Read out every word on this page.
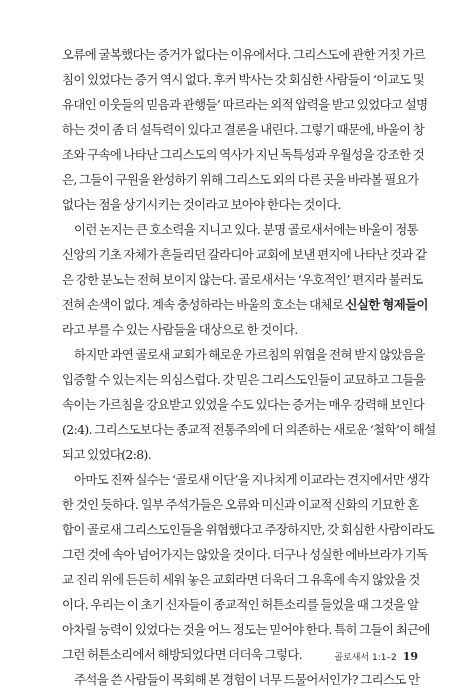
오류에 굴복했다는 증거가 없다는 이유에서다. 그리스도에 관한 거짓 가르
침이 있었다는 증거 역시 없다. 후커 박사는 갓 회심한 사람들이 ‘이교도 및
유대인 이웃들의 믿음과 관행들’ 따르라는 외적 압력을 받고 있었다고 설명
하는 것이 좀 더 설득력이 있다고 결론을 내린다. 그렇기 때문에, 바울이 창
조와 구속에 나타난 그리스도의 역사가 지닌 독특성과 우월성을 강조한 것
은, 그들이 구원을 완성하기 위해 그리스도 외의 다른 곳을 바라볼 필요가
없다는 점을 상기시키는 것이라고 보아야 한다는 것이다.
이런 논지는 큰 호소력을 지니고 있다. 분명 골로새서에는 바울이 정통
신앙의 기초 자체가 흔들리던 갈라디아 교회에 보낸 편지에 나타난 것과 같
은 강한 분노는 전혀 보이지 않는다. 골로새서는 ‘우호적인’ 편지라 불러도
전혀 손색이 없다. 계속 충성하라는 바울의 호소는 대체로 신실한 형제들이
라고 부를 수 있는 사람들을 대상으로 한 것이다.
하지만 과연 골로새 교회가 해로운 가르침의 위협을 전혀 받지 않았음을
입증할 수 있는지는 의심스럽다. 갓 믿은 그리스도인들이 교묘하고 그들을
속이는 가르침을 강요받고 있었을 수도 있다는 증거는 매우 강력해 보인다
(2:4). 그리스도보다는 종교적 전통주의에 더 의존하는 새로운 ‘철학’이 해설
되고 있었다(2:8).
아마도 진짜 실수는 ‘골로새 이단’을 지나치게 이교라는 견지에서만 생각
한 것인 듯하다. 일부 주석가들은 오류와 미신과 이교적 신화의 기묘한 혼
합이 골로새 그리스도인들을 위협했다고 주장하지만, 갓 회심한 사람이라도
그런 것에 속아 넘어가지는 않았을 것이다. 더구나 성실한 에바브라가 기독
교 진리 위에 든든히 세워 놓은 교회라면 더욱더 그 유혹에 속지 않았을 것
이다. 우리는 이 초기 신자들이 종교적인 허튼소리를 들었을 때 그것을 알
아차릴 능력이 있었다는 것을 어느 정도는 믿어야 한다. 특히 그들이 최근에
그런 허튼소리에서 해방되었다면 더더욱 그렇다.
주석을 쓴 사람들이 목회해 본 경험이 너무 드물어서인가? 그리스도 안
골로새서 1:1–2 19
